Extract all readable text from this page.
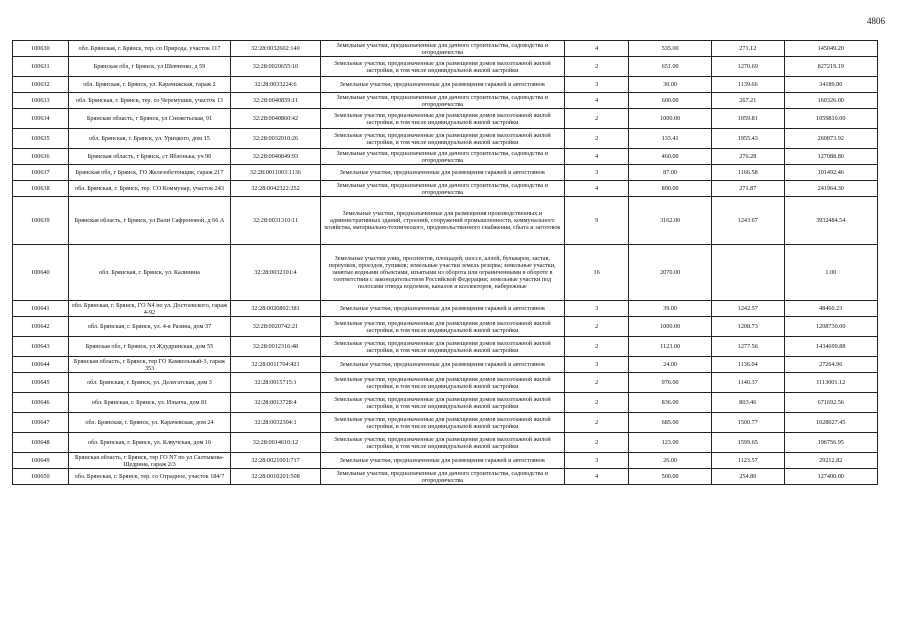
4806
100630	обл. Брянская, г. Брянск, тер. со Природа, участок 117	32:28:0032602:140	Земельные участки, предназначенные для дачного строительства, садоводства и огородничества	4	535.00	271.12	145049.20
100631	Брянская обл, г Брянск, ул Шевченко, д 59	32:28:0020655:10	Земельные участки, предназначенные для размещения домов малоэтажной жилой застройки, в том числе индивидуальной жилой застройки	2	651.00	1270.69	827219.19
100632	обл. Брянская, г. Брянск, ул. Карачижская, гараж 2	32:28:0033224:6	Земельные участки, предназначенные для размещения гаражей и автостоянок	3	30.00	1139.66	34189.80
100633	обл. Брянская, г. Брянск, тер. со Черемушки, участок 13	32:28:0040859:11	Земельные участки, предназначенные для дачного строительства, садоводства и огородничества	4	600.00	267.21	160326.00
100634	Брянская область, г Брянск, ул Снежетьская, 91	32:28:0040860:42	Земельные участки, предназначенные для размещения домов малоэтажной жилой застройки, в том числе индивидуальной жилой застройки	2	1000.00	1059.81	1059810.00
100635	обл. Брянская, г. Брянск, ул. Урицкого, дом 15	32:28:0032010:26	Земельные участки, предназначенные для размещения домов малоэтажной жилой застройки, в том числе индивидуальной жилой застройки	2	133.41	1955.43	260873.92
100636	Брянская область, г Брянск, ст Яблонька, уч 90	32:28:0040849:93	Земельные участки, предназначенные для дачного строительства, садоводства и огородничества	4	460.00	276.28	127088.80
100637	Брянская обл, г Брянск, ГО Железобетонщик, гараж 217	32:28:0011003:1136	Земельные участки, предназначенные для размещения гаражей и автостоянок	3	87.00	1166.58	101492.46
100638	обл. Брянская, г. Брянск, тер. СО Коммунар, участок 243	32:28:0042322:252	Земельные участки, предназначенные для дачного строительства, садоводства и огородничества	4	890.00	271.87	241964.30
100639	Брянская область, г Брянск, ул Вали Сафроновой, д 66 А	32:28:0031310:11	Земельные участки, предназначенные для размещения производственных и административных зданий, строений, сооружений промышленности, коммунального хозяйства, материально-технического, продовольственного снабжения, сбыта и заготовок	9	3162.00	1243.67	3932484.54
100640	обл. Брянская, г. Брянск, ул. Калинина	32:28:0032101:4	Земельные участки улиц, проспектов, площадей, шоссе, аллей, бульваров, застав, переулков, проездов, тупиков; земельные участки земель резерва; земельные участки, занятые водными объектами, изъятыми из оборота или ограниченными в обороте в соответствии с законодательством Российской Федерации; земельные участки под полосами отвода водоемов, каналов и коллекторов, набережные	16	2070.00		1.00
100641	обл. Брянская, г. Брянск, ГО N4 по ул. Достоевского, гараж 4-92	32:28:0020802:381	Земельные участки, предназначенные для размещения гаражей и автостоянок	3	39.00	1242.57	48460.23
100642	обл. Брянская, г. Брянск, ул. 4-я Разина, дом 37	32:28:0020742:21	Земельные участки, предназначенные для размещения домов малоэтажной жилой застройки, в том числе индивидуальной жилой застройки	2	1000.00	1208.73	1208730.00
100643	Брянская обл, г Брянск, ул Ждудринская, дом 55	32:28:0012316:48	Земельные участки, предназначенные для размещения домов малоэтажной жилой застройки, в том числе индивидуальной жилой застройки	2	1123.00	1277.56	1434699.88
100644	Брянская область, г Брянск, тер ГО Камвольный-3, гараж 353	32:28:0011704:421	Земельные участки, предназначенные для размещения гаражей и автостоянок	3	24.00	1136.04	27264.96
100645	обл. Брянская, г. Брянск, ул. Делегатская, дом 3	32:28:0015715:1	Земельные участки, предназначенные для размещения домов малоэтажной жилой застройки, в том числе индивидуальной жилой застройки	2	976.00	1140.37	1113001.12
100646	обл. Брянская, г. Брянск, ул. Ильича, дом 81	32:28:0013728:4	Земельные участки, предназначенные для размещения домов малоэтажной жилой застройки, в том числе индивидуальной жилой застройки	2	836.00	803.46	671692.56
100647	обл. Брянская, г. Брянск, ул. Карачевская, дом 24	32:28:0032304:1	Земельные участки, предназначенные для размещения домов малоэтажной жилой застройки, в том числе индивидуальной жилой застройки	2	685.00	1500.77	1028027.45
100648	обл. Брянская, г. Брянск, ул. Клвучская, дом 16	32:28:0014610:12	Земельные участки, предназначенные для размещения домов малоэтажной жилой застройки, в том числе индивидуальной жилой застройки	2	123.00	1599.65	196756.95
100649	Брянская область, г Брянск, тер ГО N7 по ул Салтыкова-Щедрина, гараж 2/3	32:28:0021001:717	Земельные участки, предназначенные для размещения гаражей и автостоянок	3	26.00	1123.57	29212.82
100650	обл. Брянская, г. Брянск, тер. со Отрадное, участок 184/7	32:28:0010201:508	Земельные участки, предназначенные для дачного строительства, садоводства и огородничества	4	500.00	254.80	127400.00
